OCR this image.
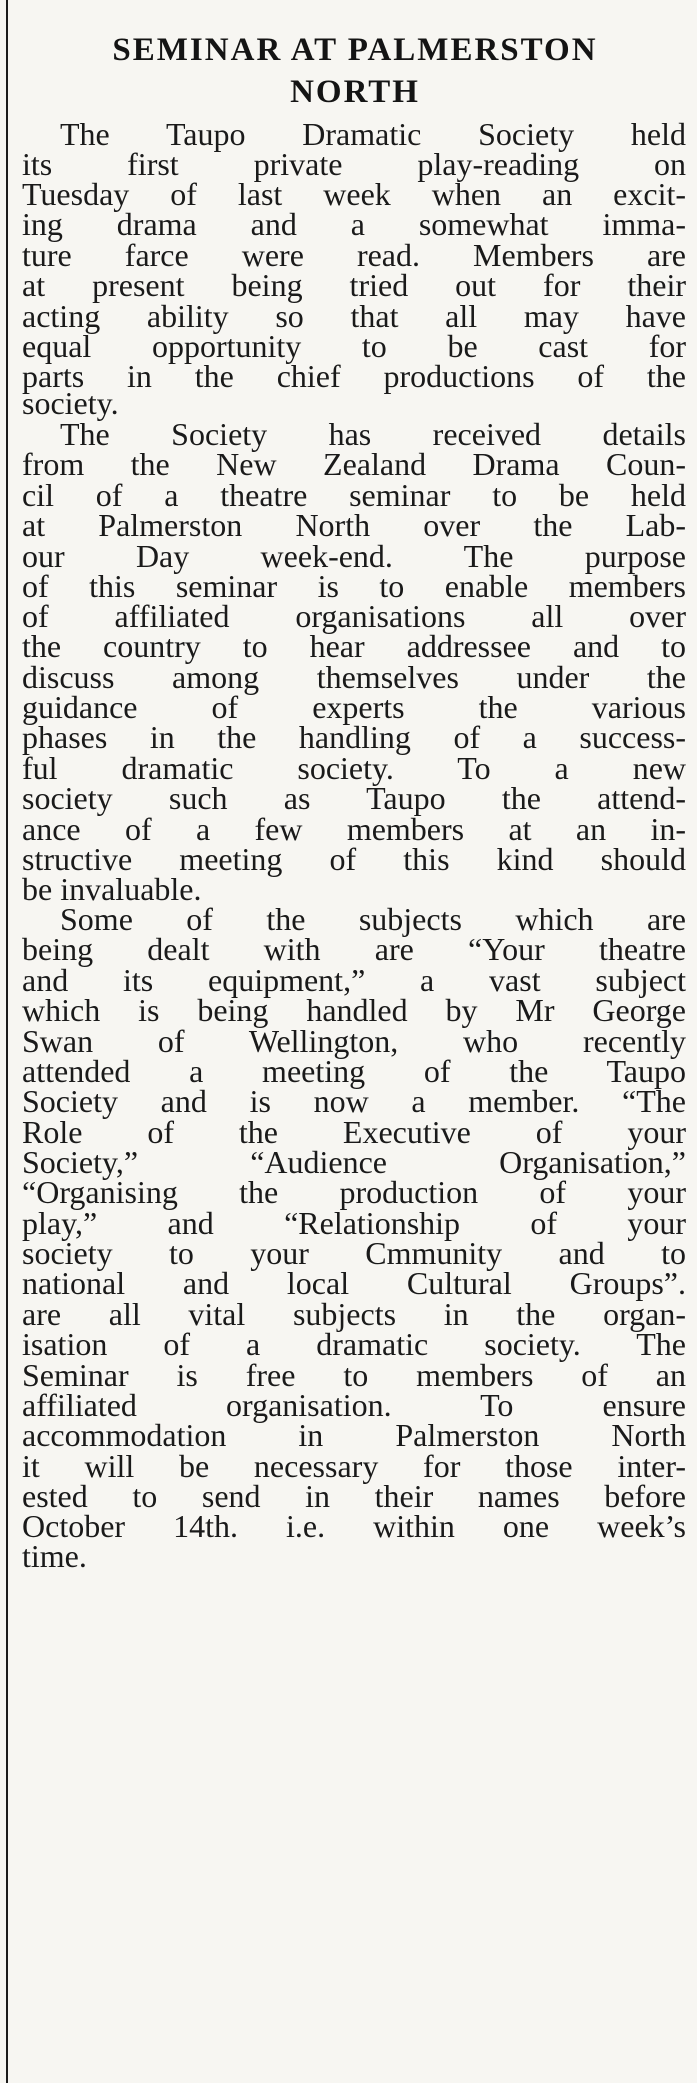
SEMINAR AT PALMERSTON
NORTH
The Taupo Dramatic Society held
its first private play-reading on
Tuesday of last week when an excit-
ing drama and a somewhat imma-
ture farce were read. Members are
at present being tried out for their
acting ability so that all may have
equal opportunity to be cast for
parts in the chief productions of the
society.
The Society has received details
from the New Zealand Drama Coun-
cil of a theatre seminar to be held
at Palmerston North over the Lab-
our Day week-end. The purpose
of this seminar is to enable members
of affiliated organisations all over
the country to hear addressee and to
discuss among themselves under the
guidance of experts the various
phases in the handling of a success-
ful dramatic society. To a new
society such as Taupo the attend-
ance of a few members at an in-
structive meeting of this kind should
be invaluable.
Some of the subjects which are
being dealt with are “Your theatre
and its equipment,” a vast subject
which is being handled by Mr George
Swan of Wellington, who recently
attended a meeting of the Taupo
Society and is now a member. “The
Role of the Executive of your
Society,” “Audience Organisation,”
“Organising the production of your
play,” and “Relationship of your
society to your Cmmunity and to
national and local Cultural Groups”.
are all vital subjects in the organ-
isation of a dramatic society. The
Seminar is free to members of an
affiliated organisation. To ensure
accommodation in Palmerston North
it will be necessary for those inter-
ested to send in their names before
October 14th. i.e. within one week’s
time.
